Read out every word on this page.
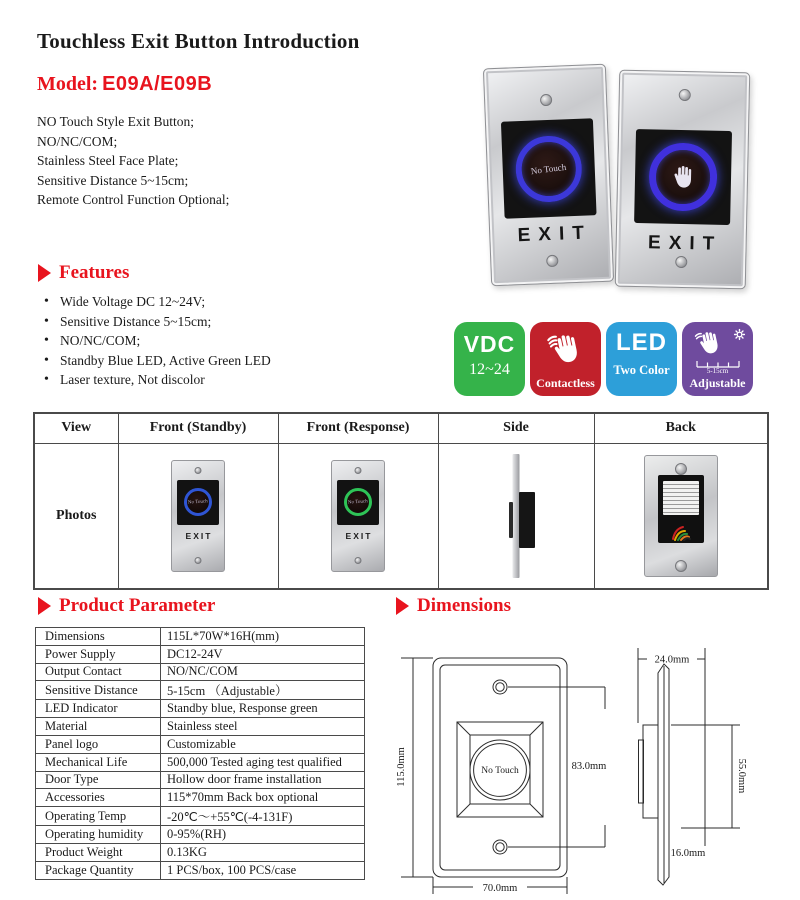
Touchless Exit Button Introduction
Model: E09A/E09B
NO Touch Style Exit Button;
NO/NC/COM;
Stainless Steel Face Plate;
Sensitive Distance 5~15cm;
Remote Control Function Optional;
No Touch
EXIT	EXIT
Features
• Wide Voltage DC 12~24V;
• Sensitive Distance 5~15cm;
• NO/NC/COM;
• Standby Blue LED, Active Green LED
• Laser texture, Not discolor
VDC
12~24
Contactless
LED
Two Color	5-15cm
Adjustable
View	Front (Standby)	Front (Response)	Side	Back
Photos	
No Touch
EXIT

No Touch
EXIT

Product Parameter
Dimensions	115L*70W*16H(mm)
Power Supply	DC12-24V
Output Contact	NO/NC/COM
Sensitive Distance	5-15cm （Adjustable）
LED Indicator	Standby blue, Response green
Material	Stainless steel
Panel logo	Customizable
Mechanical Life	500,000 Tested aging test qualified
Door Type	Hollow door frame installation
Accessories	115*70mm Back box optional
Operating Temp	-20℃～+55℃(-4-131F)
Operating humidity	0-95%(RH)
Product Weight	0.13KG
Package Quantity	1 PCS/box, 100 PCS/case
Dimensions
No Touch
115.0mm
70.0mm
83.0mm
24.0mm
55.0mm
16.0mm
